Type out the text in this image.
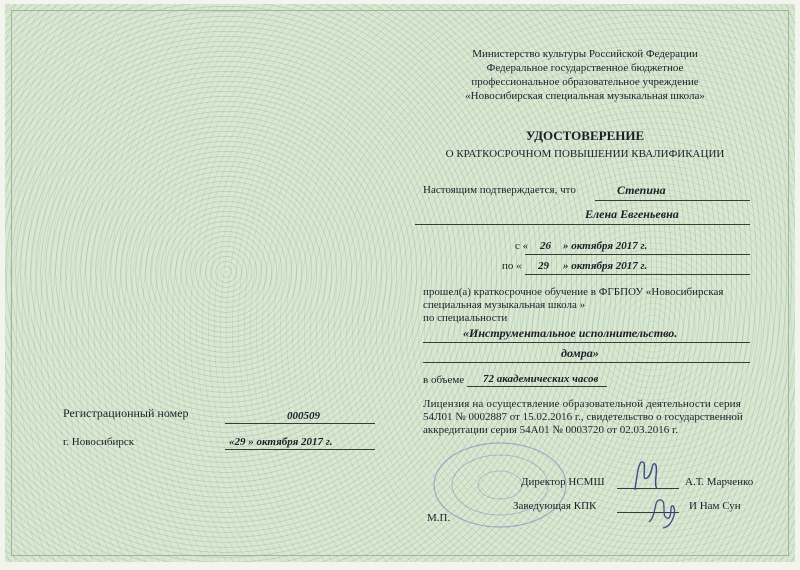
Министерство культуры Российской Федерации
Федеральное государственное бюджетное
профессиональное образовательное учреждение
«Новосибирская специальная музыкальная школа»
УДОСТОВЕРЕНИЕ
О КРАТКОСРОЧНОМ ПОВЫШЕНИИ КВАЛИФИКАЦИИ
Настоящим подтверждается, что	Степина
Елена Евгеньевна
с « 26 » октября 2017 г.
по « 29 » октября 2017 г.
прошел(а) краткосрочное обучение в ФГБПОУ «Новосибирская
специальная музыкальная школа »
по специальности
«Инструментальное исполнительство.
домра»
в объеме 72 академических часов
Лицензия на осуществление образовательной деятельности серия
54Л01 № 0002887 от 15.02.2016 г., свидетельство о государственной
аккредитации серия 54А01 № 0003720 от 02.03.2016 г.
Регистрационный номер	000509
г. Новосибирск	«29 » октября 2017 г.
Директор НСМШ	А.Т. Марченко
Заведующая КПК	И Нам Сун
М.П.
